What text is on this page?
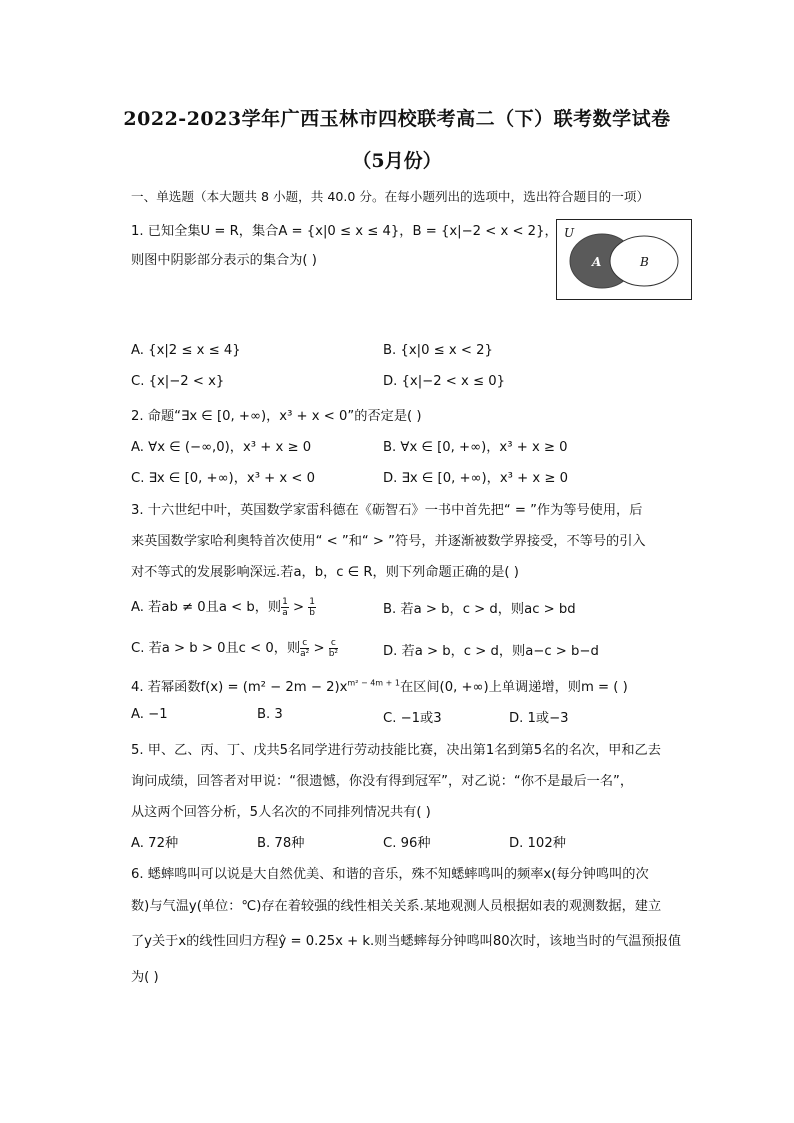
2022-2023学年广西玉林市四校联考高二（下）联考数学试卷
（5月份）
一、单选题（本大题共 8 小题，共 40.0 分。在每小题列出的选项中，选出符合题目的一项）
1. 已知全集U = R，集合A = {x|0 ≤ x ≤ 4}，B = {x|−2 < x < 2}，
则图中阴影部分表示的集合为( )
U
A	B
A. {x|2 ≤ x ≤ 4}	B. {x|0 ≤ x < 2}
C. {x|−2 < x}	D. {x|−2 < x ≤ 0}
2. 命题“∃x ∈ [0, +∞)，x³ + x < 0”的否定是( )
A. ∀x ∈ (−∞,0)，x³ + x ≥ 0	B. ∀x ∈ [0, +∞)，x³ + x ≥ 0
C. ∃x ∈ [0, +∞)，x³ + x < 0	D. ∃x ∈ [0, +∞)，x³ + x ≥ 0
3. 十六世纪中叶，英国数学家雷科德在《砺智石》一书中首先把“ = ”作为等号使用，后
来英国数学家哈利奥特首次使用“ < ”和“ > ”符号，并逐渐被数学界接受，不等号的引入
对不等式的发展影响深远.若a，b，c ∈ R，则下列命题正确的是( )
A. 若ab ≠ 0且a < b，则 $\frac{1}{a} > \frac{1}{b}$	B. 若a > b，c > d，则ac > bd
C. 若a > b > 0且c < 0，则 $\frac{c}{\text{a²}} > \frac{c}{\text{b²}}$	D. 若a > b，c > d，则a−c > b−d
4. 若幂函数$f(x) = (m^2 - 2m - 2)x^{m^2 - 4m + 1}$在区间(0, +∞)上单调递增，则m = ( )
A. −1	B. 3	C. −1或3	D. 1或−3
5. 甲、乙、丙、丁、戊共5名同学进行劳动技能比赛，决出第1名到第5名的名次，甲和乙去
询问成绩，回答者对甲说：“很遗憾，你没有得到冠军”，对乙说：“你不是最后一名”，
从这两个回答分析，5人名次的不同排列情况共有( )
A. 72种	B. 78种	C. 96种	D. 102种
6. 蟋蟀鸣叫可以说是大自然优美、和谐的音乐，殊不知蟋蟀鸣叫的频率x(每分钟鸣叫的次
数)与气温y(单位：℃)存在着较强的线性相关关系.某地观测人员根据如表的观测数据，建立
了y关于x的线性回归方程ŷ = 0.25x + k.则当蟋蟀每分钟鸣叫80次时，该地当时的气温预报值
为( )
